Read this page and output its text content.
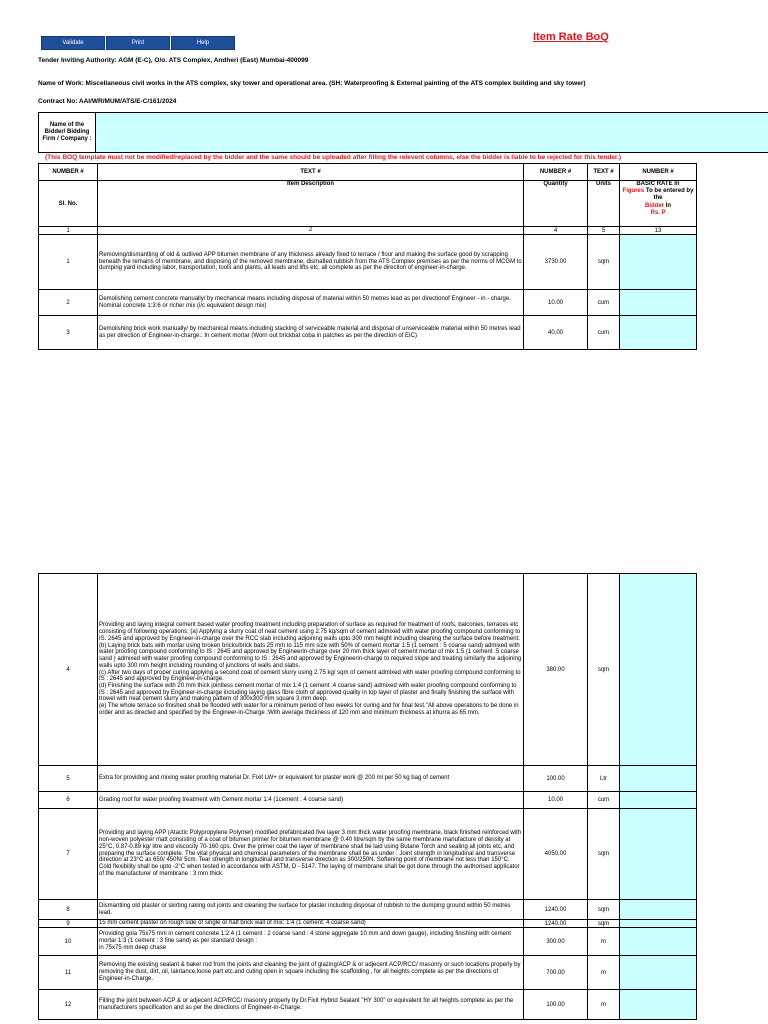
Validate	Print	Help	Item Rate BoQ
Tender Inviting Authority: AGM (E-C), O/o. ATS Complex, Andheri (East) Mumbai-400099
Name of Work: Miscellaneous civil works in the ATS complex, sky tower and operational area. (SH: Waterproofing & External painting of the ATS complex building and sky tower)
Contract No: AAI/WR/MUM/ATS/E-C/161/2024
(This BOQ template must not be modified/replaced by the bidder and the same should be uploaded after filling the relevent columns, else the bidder is liable to be rejected for this tender.)
Name of the Bidder/ Bidding Firm / Company :
NUMBER #	TEXT #	NUMBER #	TEXT #	NUMBER #
Sl. No.	Item Description	Quantity	Units	BASIC RATE In
Figures To be entered by the
Bidder In
Rs. P
1	2	4	5	13
1	Removing/dismantling of old & outlived APP bitumen membrane of any thickness already fixed to terrace / floor and making the surface good by scrapping beneath the remains of membrane, and disposing of the removed membrane, dismatled rubbish from the ATS Complex premises as per the norms of MCGM to dumping yard including labor, transportation, tools and plants, all leads and lifts etc. all complete as per the direction of engineer-in-charge.	3730.00	sqm	
2	Demolishing cement concrete manually/ by mechanical means including disposal of material within 50 metres lead as per directionof Engineer - in - charge. Nominal concrete 1:3:6 or richer mix (i/c equivalent design mix)	10.00	cum	
3	Demolishing brick work manually/ by mechanical means including stacking of serviceable material and disposal of unserviceable material within 50 metres lead as per direction of Engineer-in-charge.: In cement mortar (Worn out brickbat coba in patches as per the direction of EIC)	40.00	cum	
4	Providing and laying integral cement based water proofing treatment including preparation of surface as required for treatment of roofs, balconies, terraces etc consisting of following operations: (a) Applying a slurry coat of neat cement using 2.75 kg/sqm of cement admixed with water proofing compound conforming to IS. 2645 and approved by Engineer-in-charge over the RCC slab including adjoining walls upto 300 mm height including cleaning the surface before treatment.
(b) Laying brick bats with mortar using broken bricks/brick bats 25 mm to 115 mm size with 50% of cement mortar 1:5 (1 cement : 5 coarse sand) admixed with water proofing compound conforming to IS : 2645 and approved by Engineerin-charge over 20 mm thick layer of cement mortar of mix 1:5 (1 cement :5 coarse sand ) admixed with water proofing compound conforming to IS : 2645 and approved by Engineerin-charge to required slope and treating similarly the adjoining walls upto 300 mm height including rounding of junctions of walls and slabs.
(c) After two days of proper curing applying a second coat of cement slurry using 2.75 kg/ sqm of cement admixed with water proofing compound conforming to IS : 2645 and approved by Engineer-in-charge.
(d) Finishing the surface with 20 mm thick jointless cement mortar of mix 1:4 (1 cement :4 coarse sand) admixed with water proofing compound conforming to IS : 2645 and approved by Engineer-in-charge including laying glass fibre cloth of approved quality in top layer of plaster and finally finishing the surface with trowel with neat cement slurry and making pattern of 300x300 mm square 3 mm deep.
(e) The whole terrace so finished shall be flooded with water for a minimum period of two weeks for curing and for final test."All above operations to be done in order and as directed and specified by the Engineer-in-Charge :With average thickness of 120 mm and minimum thickness at khurra as 65 mm.	380.00	sqm	
5	Extra for providing and mixing water proofing material Dr. Fixit LW+ or equivalent for plaster work @ 200 ml per 50 kg bag of cement	100.00	Ltr	
6	Grading roof for water proofing treatment with Cement mortar 1:4 (1cement : 4 coarse sand)	10.00	cum	
7	Providing and laying APP (Atactic Polypropylene Polymer) modified prefabricated five layer 3 mm thick water proofing membrane, black finished reinforced with non-woven polyester matt consisting of a coat of bitumen primer for bitumen membrane @ 0.40 litre/sqm by the same membrane manufacture of density at 25°C, 0.87-0.89 kg/ litre and viscocity 70-160 cps. Over the primer coat the layer of membrane shall be laid using Butane Torch and sealing all joints etc, and preparing the surface complete. The vital physical and chemical parameters of the membrane shall be as under : Joint strength in longitudinal and transverse direction at 23°C as 650/ 450N/ 5cm. Tear strength in longitudinal and transverse direction as 300/250N. Softening point of membrane not less than 150°C. Cold flexibility shall be upto -2°C when tested in accordance with ASTM, D - 5147. The laying of membrane shall be got done through the authorised applicator of the manufacturer of membrane : 3 mm thick	4050.00	sqm	
8	Dismantling old plaster or skirting raking out joints and cleaning the surface for plaster including disposal of rubbish to the dumping ground within 50 metres lead.	1240.00	sqm	
9	15 mm cement plaster on rough side of single or half brick wall of mix: 1:4 (1 cement: 4 coarse sand)	1240.00	sqm	
10	Providing gola 75x75 mm in cement concrete 1:2:4 (1 cement : 2 coarse sand : 4 stone aggregate 10 mm and down gauge), including finishing with cement mortar 1:3 (1 cement : 3 fine sand) as per standard design :
in 75x75 mm deep chase	300.00	m	
11	Removing the existing sealant & baker rod from the joints and cleaning the joint of glazing/ACP & or adjecent ACP/RCC/ masonry or such locations properly by removing the dust, dirt, oil, laintance,loose part etc.and cuting open in square including the scaffolding , for all heights complete as per the directions of Engineer-in-Charge.	700.00	m	
12	Filling the joint between ACP & or adjecent ACP/RCC/ masonry properly by Dr.Fixit Hybrid Sealant "HY 300" or equivalent for all heights complete as per the manufacturers specification and as per the directions of Engineer-in-Charge.	100.00	m	
